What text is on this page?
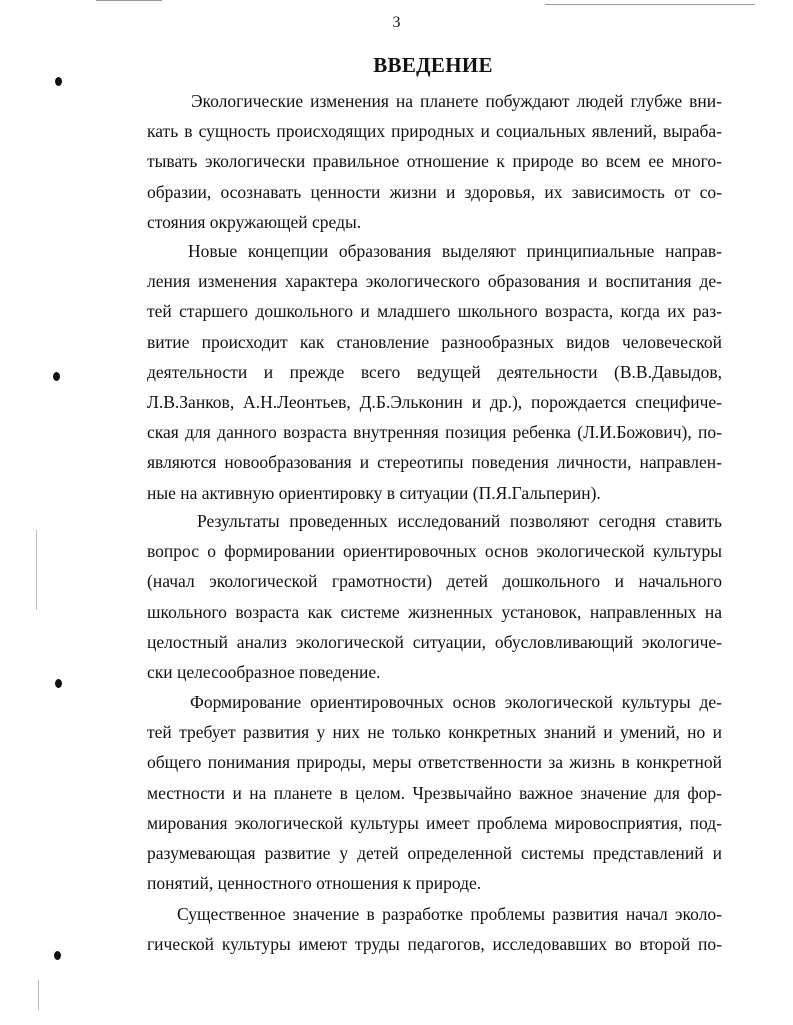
3
ВВЕДЕНИЕ
Экологические изменения на планете побуждают людей глубже вни-
кать в сущность происходящих природных и социальных явлений, выраба-
тывать экологически правильное отношение к природе во всем ее много-
образии, осознавать ценности жизни и здоровья, их зависимость от со-
стояния окружающей среды.
Новые концепции образования выделяют принципиальные направ-
ления изменения характера экологического образования и воспитания де-
тей старшего дошкольного и младшего школьного возраста, когда их раз-
витие происходит как становление разнообразных видов человеческой
деятельности и прежде всего ведущей деятельности (В.В.Давыдов,
Л.В.Занков, А.Н.Леонтьев, Д.Б.Эльконин и др.), порождается специфиче-
ская для данного возраста внутренняя позиция ребенка (Л.И.Божович), по-
являются новообразования и стереотипы поведения личности, направлен-
ные на активную ориентировку в ситуации (П.Я.Гальперин).
Результаты проведенных исследований позволяют сегодня ставить
вопрос о формировании ориентировочных основ экологической культуры
(начал экологической грамотности) детей дошкольного и начального
школьного возраста как системе жизненных установок, направленных на
целостный анализ экологической ситуации, обусловливающий экологиче-
ски целесообразное поведение.
Формирование ориентировочных основ экологической культуры де-
тей требует развития у них не только конкретных знаний и умений, но и
общего понимания природы, меры ответственности за жизнь в конкретной
местности и на планете в целом. Чрезвычайно важное значение для фор-
мирования экологической культуры имеет проблема мировосприятия, под-
разумевающая развитие у детей определенной системы представлений и
понятий, ценностного отношения к природе.
Существенное значение в разработке проблемы развития начал эколо-
гической культуры имеют труды педагогов, исследовавших во второй по-
